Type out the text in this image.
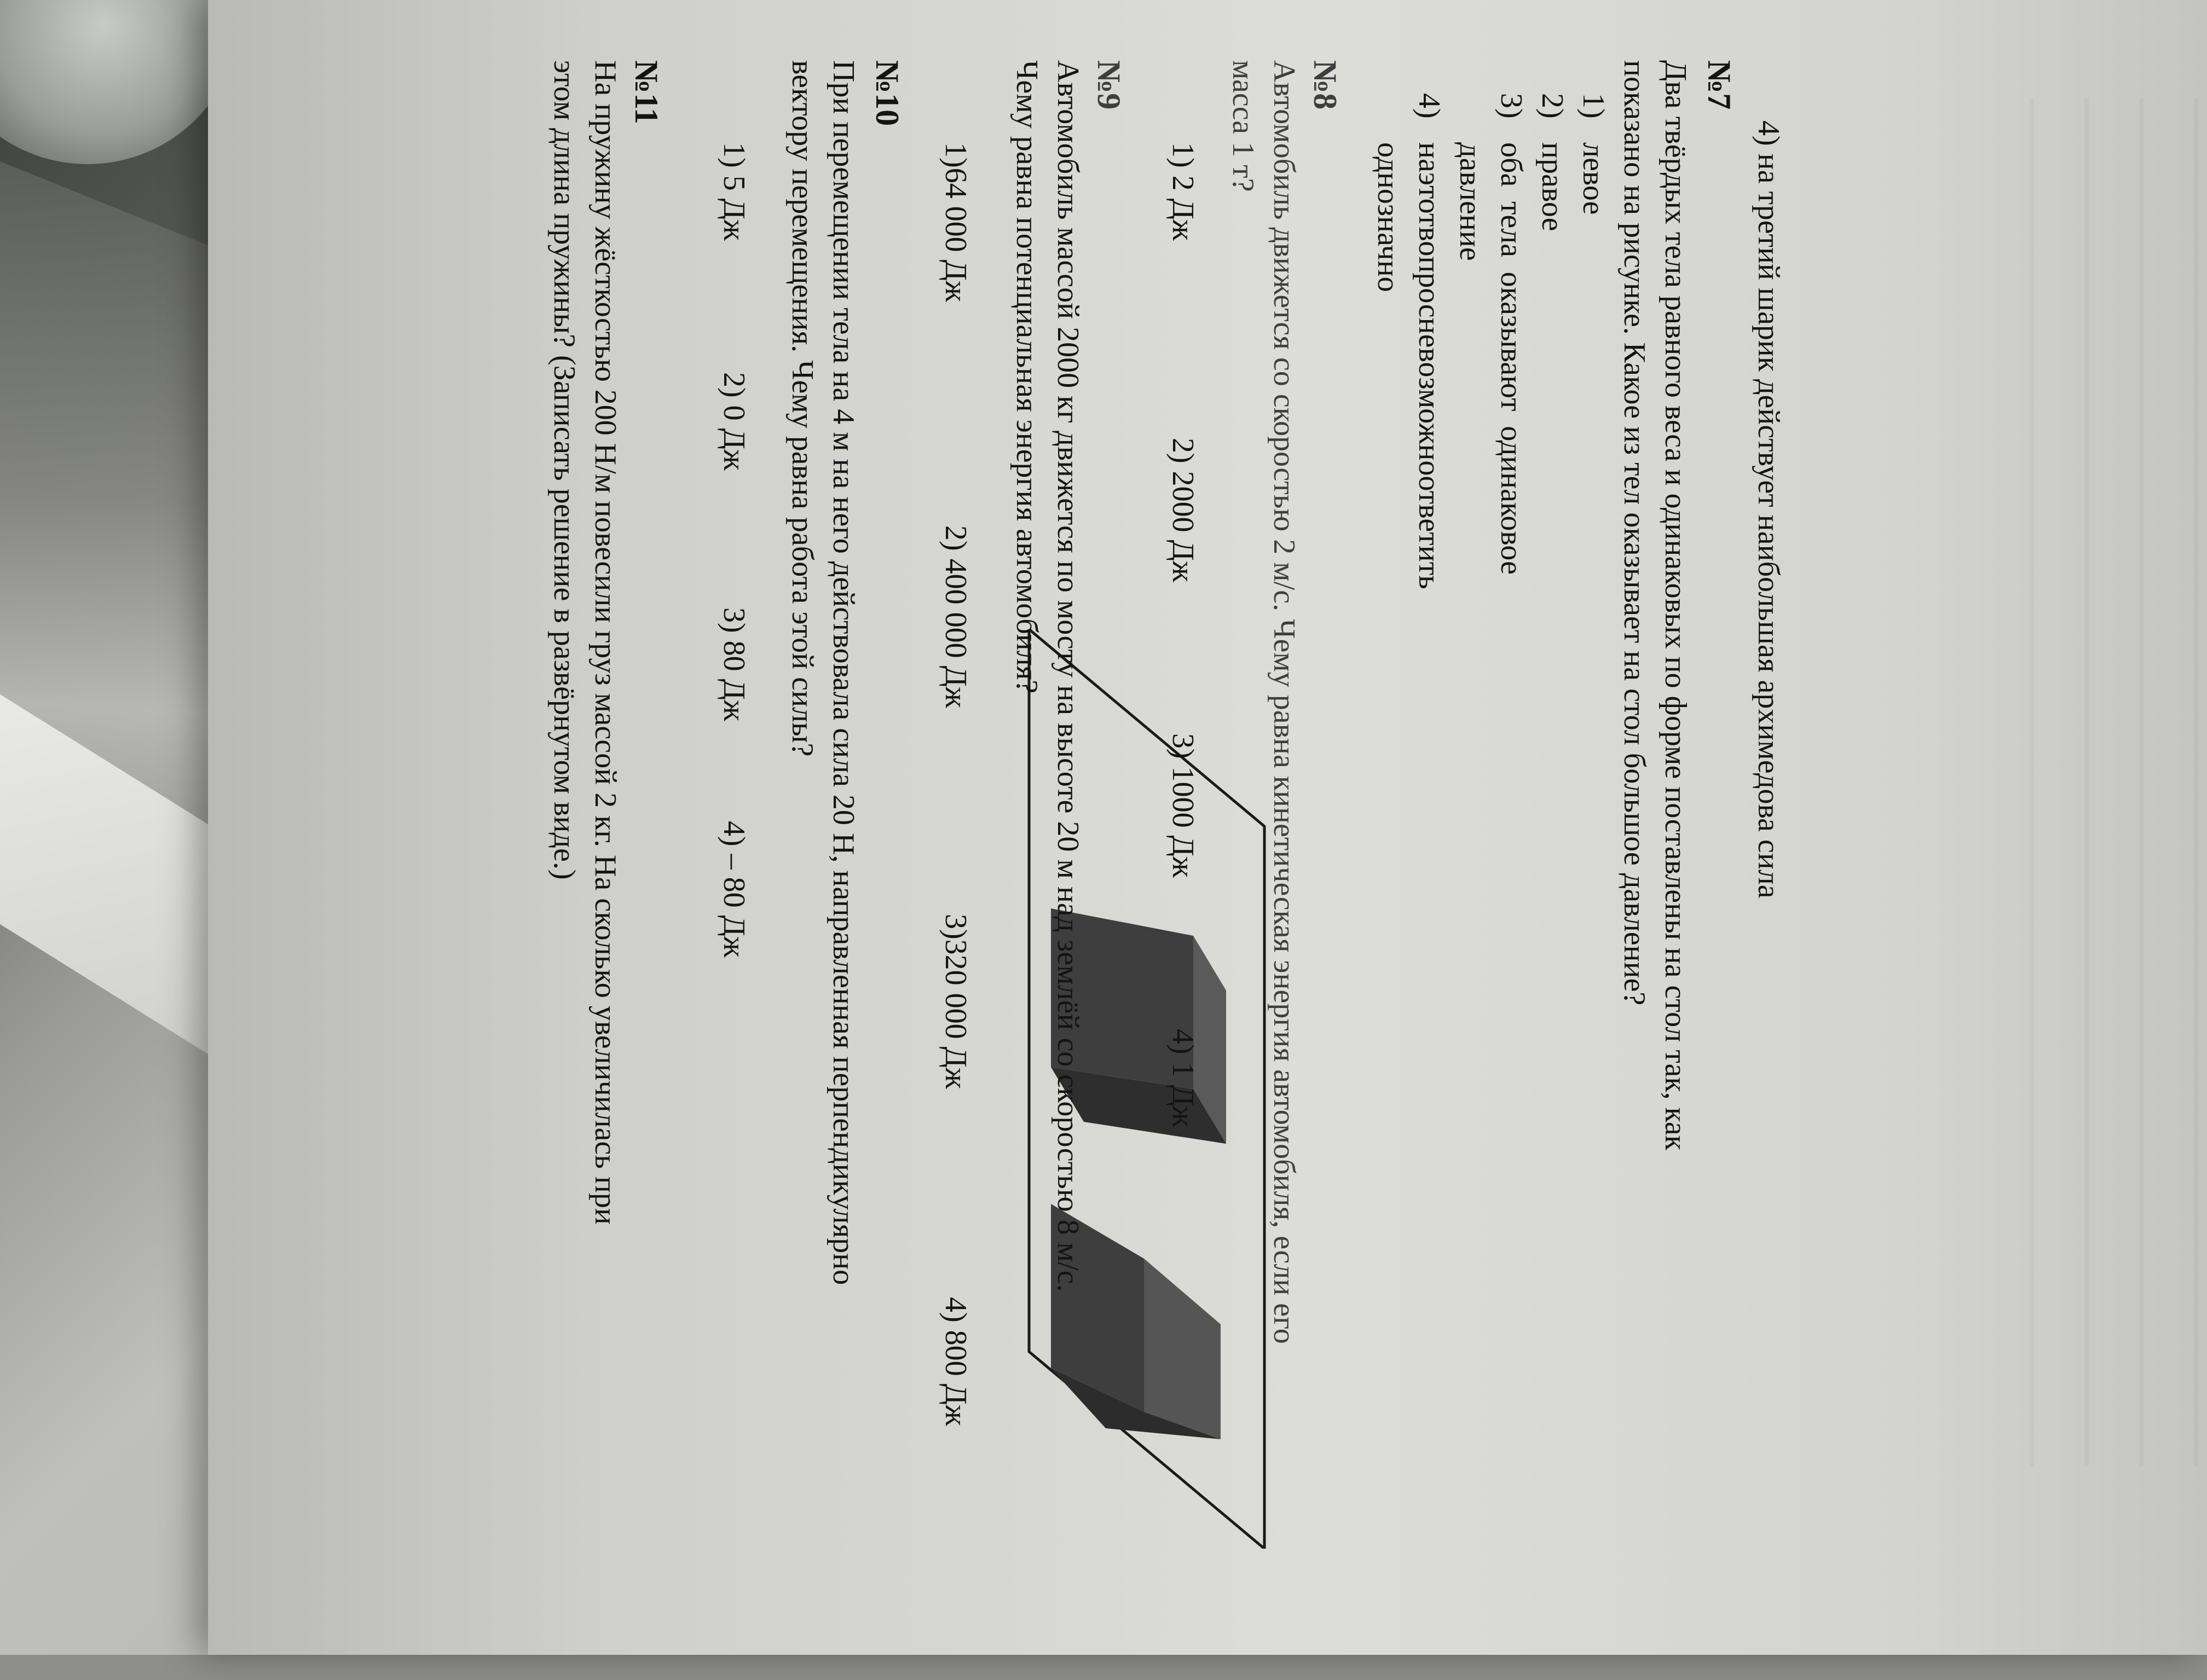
4) на третий шарик действует наибольшая архимедова сила
№7
Два твёрдых тела равного веса и одинаковых по форме поставлены на стол так, как
показано на рисунке. Какое из тел оказывает на стол большое давление?
1)
левое
2)
правое
3)
оба
тела
оказывают
одинаковое
давление
4)
на
этот
вопрос
невозможно
ответить
однозначно
№8
Автомобиль движется со скоростью 2 м/с. Чему равна кинетическая энергия автомобиля, если его
масса 1 т?
1) 2 Дж
2) 2000 Дж
3) 1000 Дж
4) 1 Дж
№9
Автомобиль массой 2000 кг движется по мосту на высоте 20 м над землёй со скоростью 8 м/с.
Чему равна потенциальная энергия автомобиля?
1)64 000 Дж
2) 400 000 Дж
3)320 000 Дж
4) 800 Дж
№10
При перемещении тела на 4 м на него действовала сила 20 Н, направленная перпендикулярно
вектору перемещения. Чему равна работа этой силы?
1) 5 Дж
2) 0 Дж
3) 80 Дж
4) – 80 Дж
№11
На пружину жёсткостью 200 Н/м повесили груз массой 2 кг. На сколько увеличилась при
этом длина пружины? (Записать решение в развёрнутом виде.)
